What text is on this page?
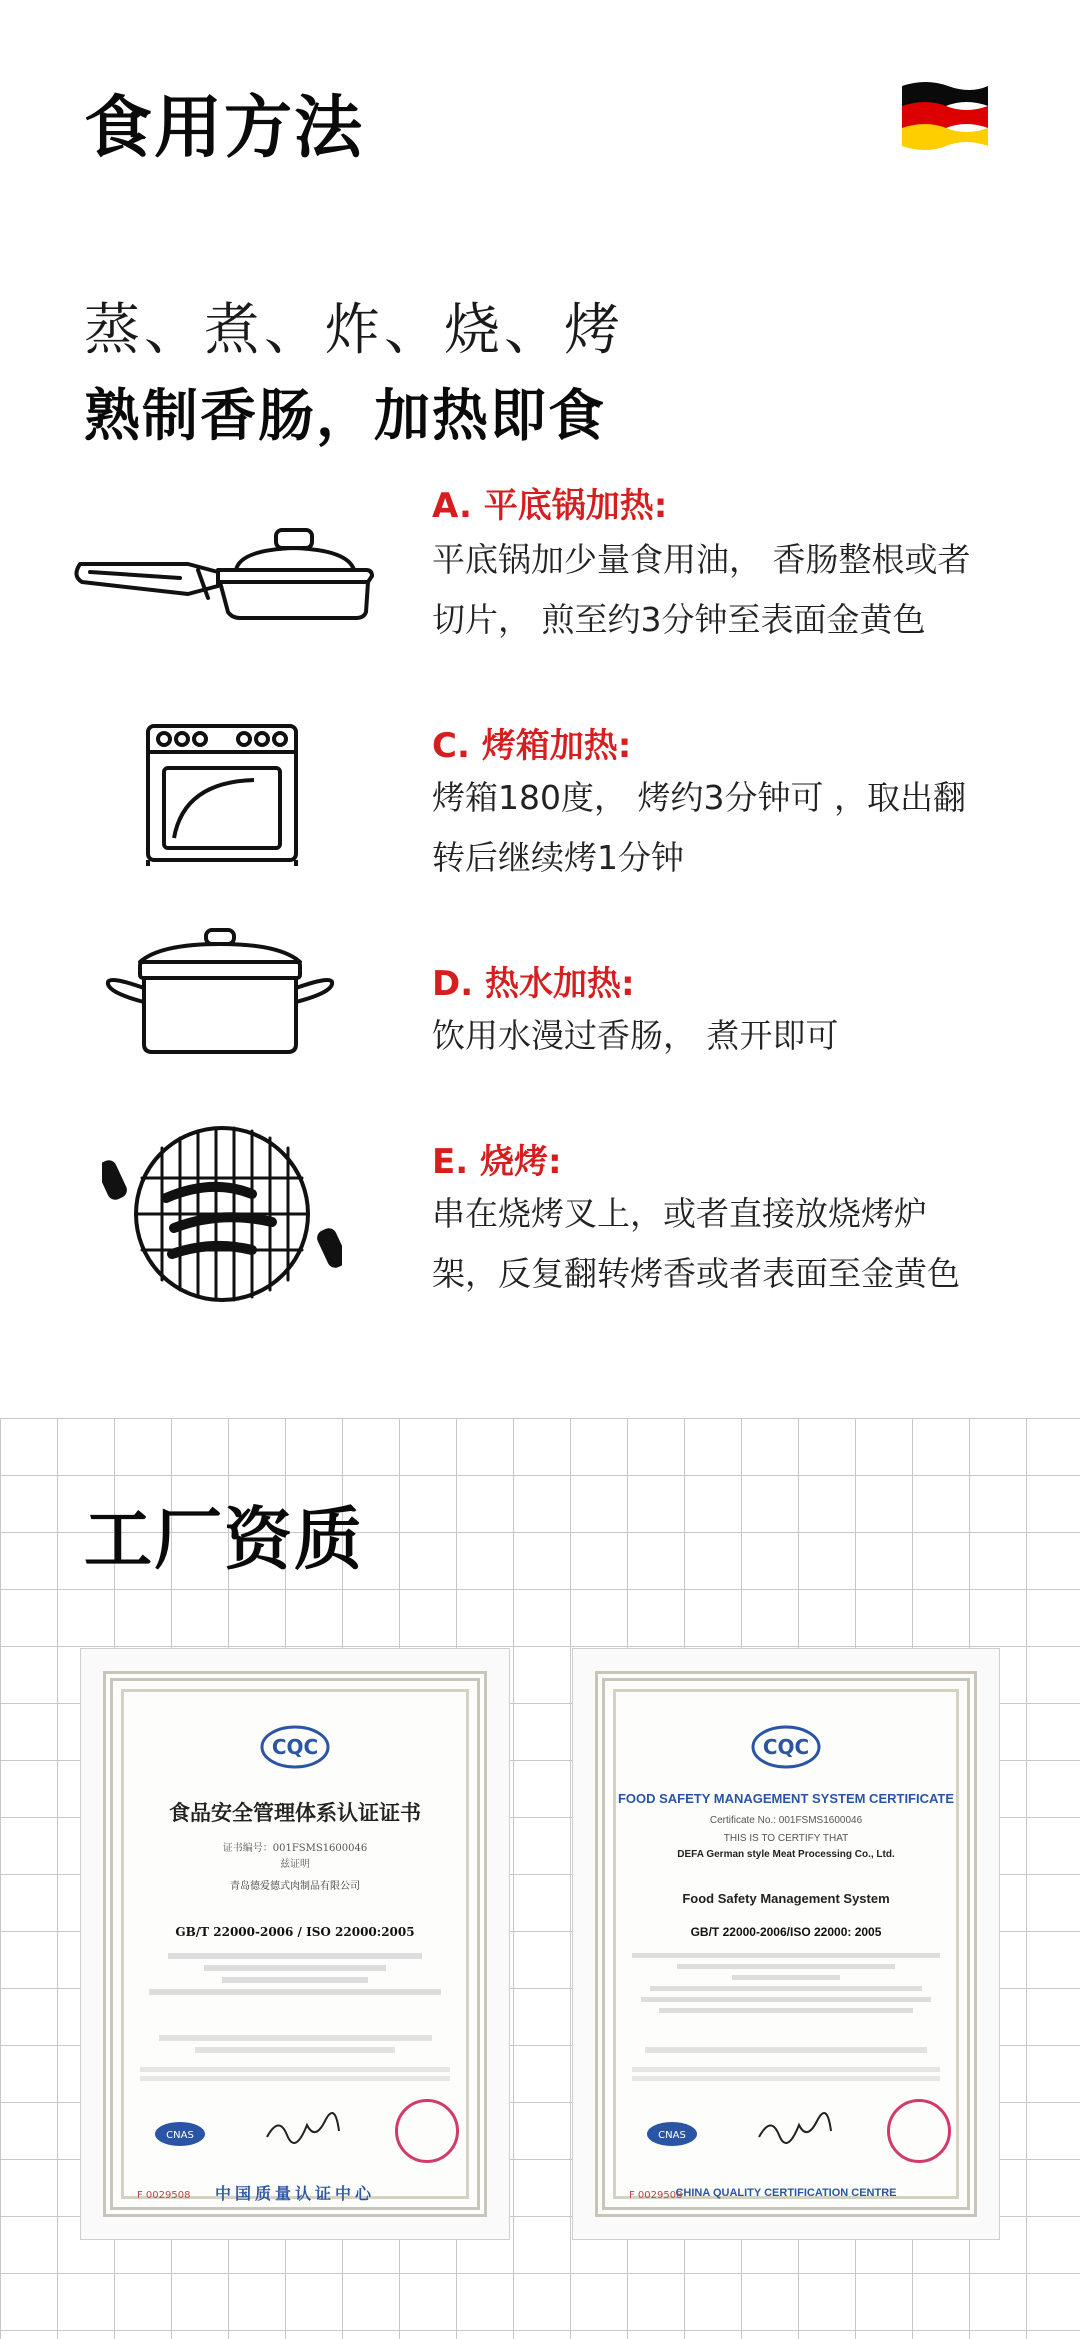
食用方法
蒸、煮、炸、烧、烤
熟制香肠，加热即食
A. 平底锅加热:
平底锅加少量食用油， 香肠整根或者切片， 煎至约3分钟至表面金黄色
C. 烤箱加热:
烤箱180度， 烤约3分钟可 ，取出翻转后继续烤1分钟
D. 热水加热:
饮用水漫过香肠， 煮开即可
E. 烧烤:
串在烧烤叉上，或者直接放烧烤炉架，反复翻转烤香或者表面至金黄色
工厂资质
CQC
食品安全管理体系认证证书
证书编号：001FSMS1600046
兹证明
青岛德爱德式肉制品有限公司
GB/T 22000-2006 / ISO 22000:2005
CNAS
中国质量认证中心
F 0029508
CQC
FOOD SAFETY MANAGEMENT SYSTEM CERTIFICATE
Certificate No.: 001FSMS1600046
THIS IS TO CERTIFY THAT
DEFA German style Meat Processing Co., Ltd.
Food Safety Management System
GB/T 22000-2006/ISO 22000: 2005
CNAS
CHINA QUALITY CERTIFICATION CENTRE
F 0029508
